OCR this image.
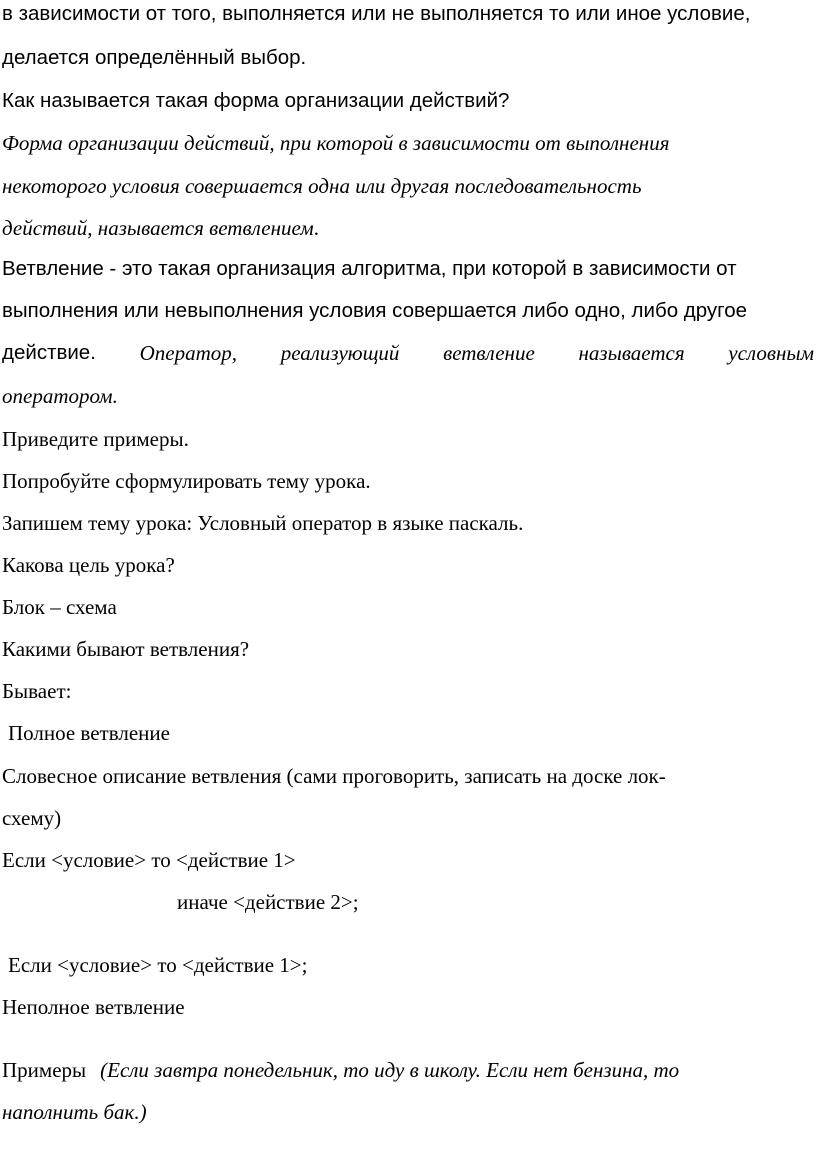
в зависимости от того, выполняется или не выполняется то или иное условие,

делается определённый выбор.

Как называется такая форма организации действий?

Форма организации действий, при которой в зависимости от выполнения

некоторого условия совершается одна или другая последовательность

действий, называется ветвлением.

Ветвление - это такая организация алгоритма, при которой в зависимости от

выполнения или невыполнения условия совершается либо одно, либо другое

действие. Оператор, реализующий ветвление называется условным

оператором.

Приведите примеры.

Попробуйте сформулировать тему урока.

Запишем тему урока: Условный оператор в языке паскаль.

Какова цель урока?

Блок – схема

Какими бывают ветвления?

Бывает:

Полное ветвление

Словесное описание ветвления (сами проговорить, записать на доске лок-

схему)

Если <условие> то <действие 1>

иначе <действие 2>;

Если <условие> то <действие 1>;

Неполное ветвление

Примеры (Если завтра понедельник, то иду в школу. Если нет бензина, то

наполнить бак.)
